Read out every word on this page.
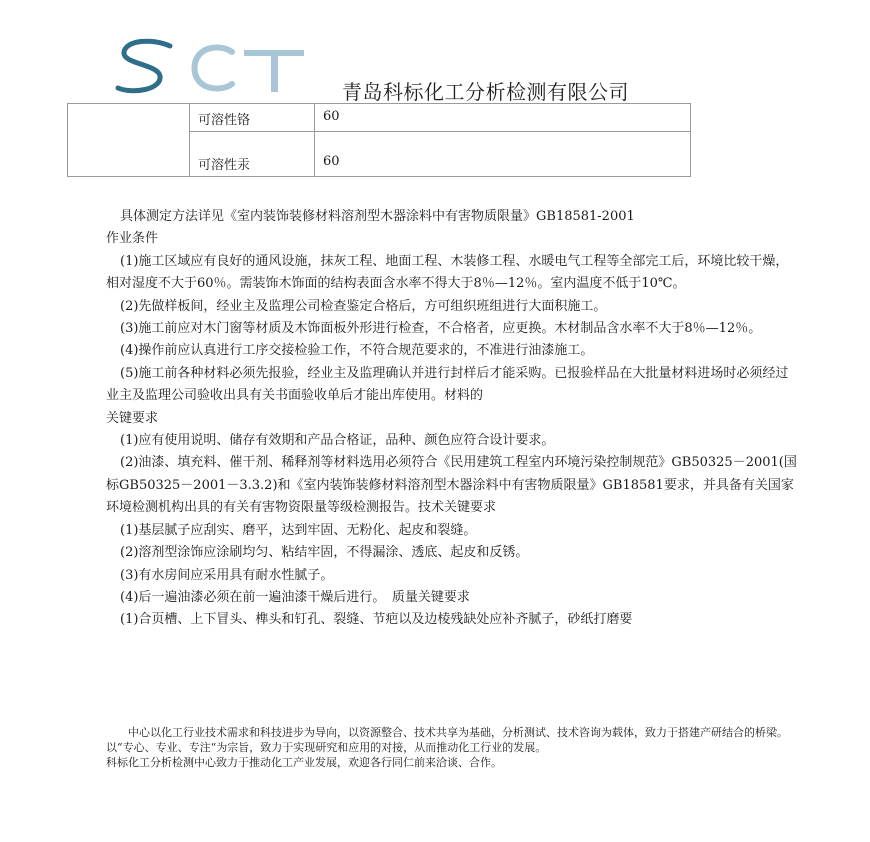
青岛科标化工分析检测有限公司

	可溶性铬	60

	可溶性汞	60

具体测定方法详见《室内装饰装修材料溶剂型木器涂料中有害物质限量》GB18581-2001

作业条件

(1)施工区域应有良好的通风设施，抹灰工程、地面工程、木装修工程、水暖电气工程等全部完工后，环境比较干燥，相对湿度不大于60％。需装饰木饰面的结构表面含水率不得大于8％—12％。室内温度不低于10℃。

(2)先做样板间，经业主及监理公司检查鉴定合格后，方可组织班组进行大面积施工。

(3)施工前应对木门窗等材质及木饰面板外形进行检查，不合格者，应更换。木材制品含水率不大于8％—12％。

(4)操作前应认真进行工序交接检验工作，不符合规范要求的，不准进行油漆施工。

(5)施工前各种材料必须先报验，经业主及监理确认并进行封样后才能采购。已报验样品在大批量材料进场时必须经过业主及监理公司验收出具有关书面验收单后才能出库使用。材料的

关键要求

(1)应有使用说明、储存有效期和产品合格证，品种、颜色应符合设计要求。

(2)油漆、填充料、催干剂、稀释剂等材料选用必须符合《民用建筑工程室内环境污染控制规范》GB50325－2001(国标GB50325－2001－3.3.2)和《室内装饰装修材料溶剂型木器涂料中有害物质限量》GB18581要求，并具备有关国家环境检测机构出具的有关有害物资限量等级检测报告。技术关键要求

(1)基层腻子应刮实、磨平，达到牢固、无粉化、起皮和裂缝。

(2)溶剂型涂饰应涂刷均匀、粘结牢固，不得漏涂、透底、起皮和反锈。

(3)有水房间应采用具有耐水性腻子。

(4)后一遍油漆必须在前一遍油漆干燥后进行。　质量关键要求

(1)合页槽、上下冒头、榫头和钉孔、裂缝、节疤以及边棱残缺处应补齐腻子，砂纸打磨要

中心以化工行业技术需求和科技进步为导向，以资源整合、技术共享为基础，分析测试、技术咨询为载体，致力于搭建产研结合的桥梁。以“专心、专业、专注“为宗旨，致力于实现研究和应用的对接，从而推动化工行业的发展。

科标化工分析检测中心致力于推动化工产业发展，欢迎各行同仁前来洽谈、合作。
